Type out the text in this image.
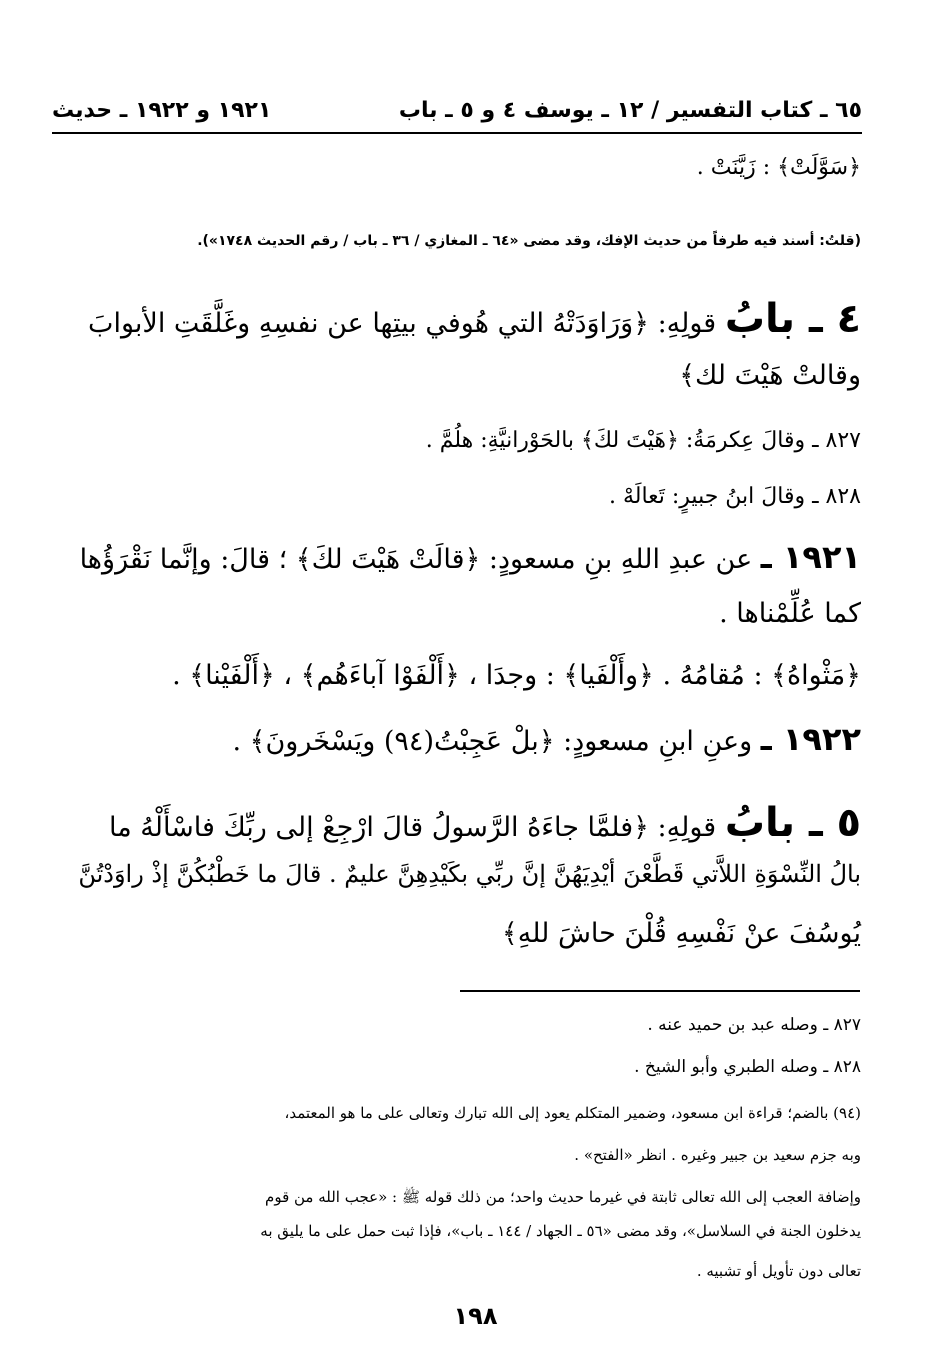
٦٥ ـ كتاب التفسير / ١٢ ـ يوسف ٤ و ٥ ـ باب
١٩٢١ و ١٩٢٢ ـ حديث
﴿سَوَّلَتْ﴾ : زَيَّنَتْ .
(قلتُ: أسند فيه طرفاً من حديث الإفك، وقد مضى «٦٤ ـ المغازي / ٣٦ ـ باب / رقم الحديث ١٧٤٨»).
٤ ـ بابُ قولِهِ: ﴿وَرَاوَدَتْهُ التي هُوفي بيتِها عن نفسِهِ وغَلَّقَتِ الأبوابَ
وقالتْ هَيْتَ لك﴾
٨٢٧ ـ وقالَ عِكرمَةُ: ﴿هَيْتَ لكَ﴾ بالحَوْرانيَّةِ: هلُمَّ .
٨٢٨ ـ وقالَ ابنُ جبيرٍ: تَعالَهْ .
١٩٢١ ـ عن عبدِ اللهِ بنِ مسعودٍ: ﴿قالَتْ هَيْتَ لكَ﴾ ؛ قالَ: وإنَّما نَقْرَؤُها
كما عُلِّمْناها .
﴿مَثْواهُ﴾ : مُقامُهُ . ﴿وأَلْفَيا﴾ : وجدَا ، ﴿أَلْفَوْا آباءَهُم﴾ ، ﴿أَلْفَيْنا﴾ .
١٩٢٢ ـ وعنِ ابنِ مسعودٍ: ﴿بلْ عَجِبْتُ(٩٤) ويَسْخَرونَ﴾ .
٥ ـ بابُ قولِهِ: ﴿فلمَّا جاءَهُ الرَّسولُ قالَ ارْجِعْ إلى ربِّكَ فاسْأَلْهُ ما
بالُ النِّسْوَةِ اللاَّتي قَطَّعْنَ أيْدِيَهُنَّ إنَّ ربِّي بكَيْدِهِنَّ عليمٌ . قالَ ما خَطْبُكُنَّ إذْ راوَدْتُنَّ
يُوسُفَ عنْ نَفْسِهِ قُلْنَ حاشَ للهِ﴾
٨٢٧ ـ وصله عبد بن حميد عنه .
٨٢٨ ـ وصله الطبري وأبو الشيخ .
(٩٤) بالضم؛ قراءة ابن مسعود، وضمير المتكلم يعود إلى الله تبارك وتعالى على ما هو المعتمد،
وبه جزم سعيد بن جبير وغيره . انظر «الفتح» .
وإضافة العجب إلى الله تعالى ثابتة في غيرما حديث واحد؛ من ذلك قوله ﷺ : «عجب الله من قوم
يدخلون الجنة في السلاسل»، وقد مضى «٥٦ ـ الجهاد / ١٤٤ ـ باب»، فإذا ثبت حمل على ما يليق به
تعالى دون تأويل أو تشبيه .
١٩٨
